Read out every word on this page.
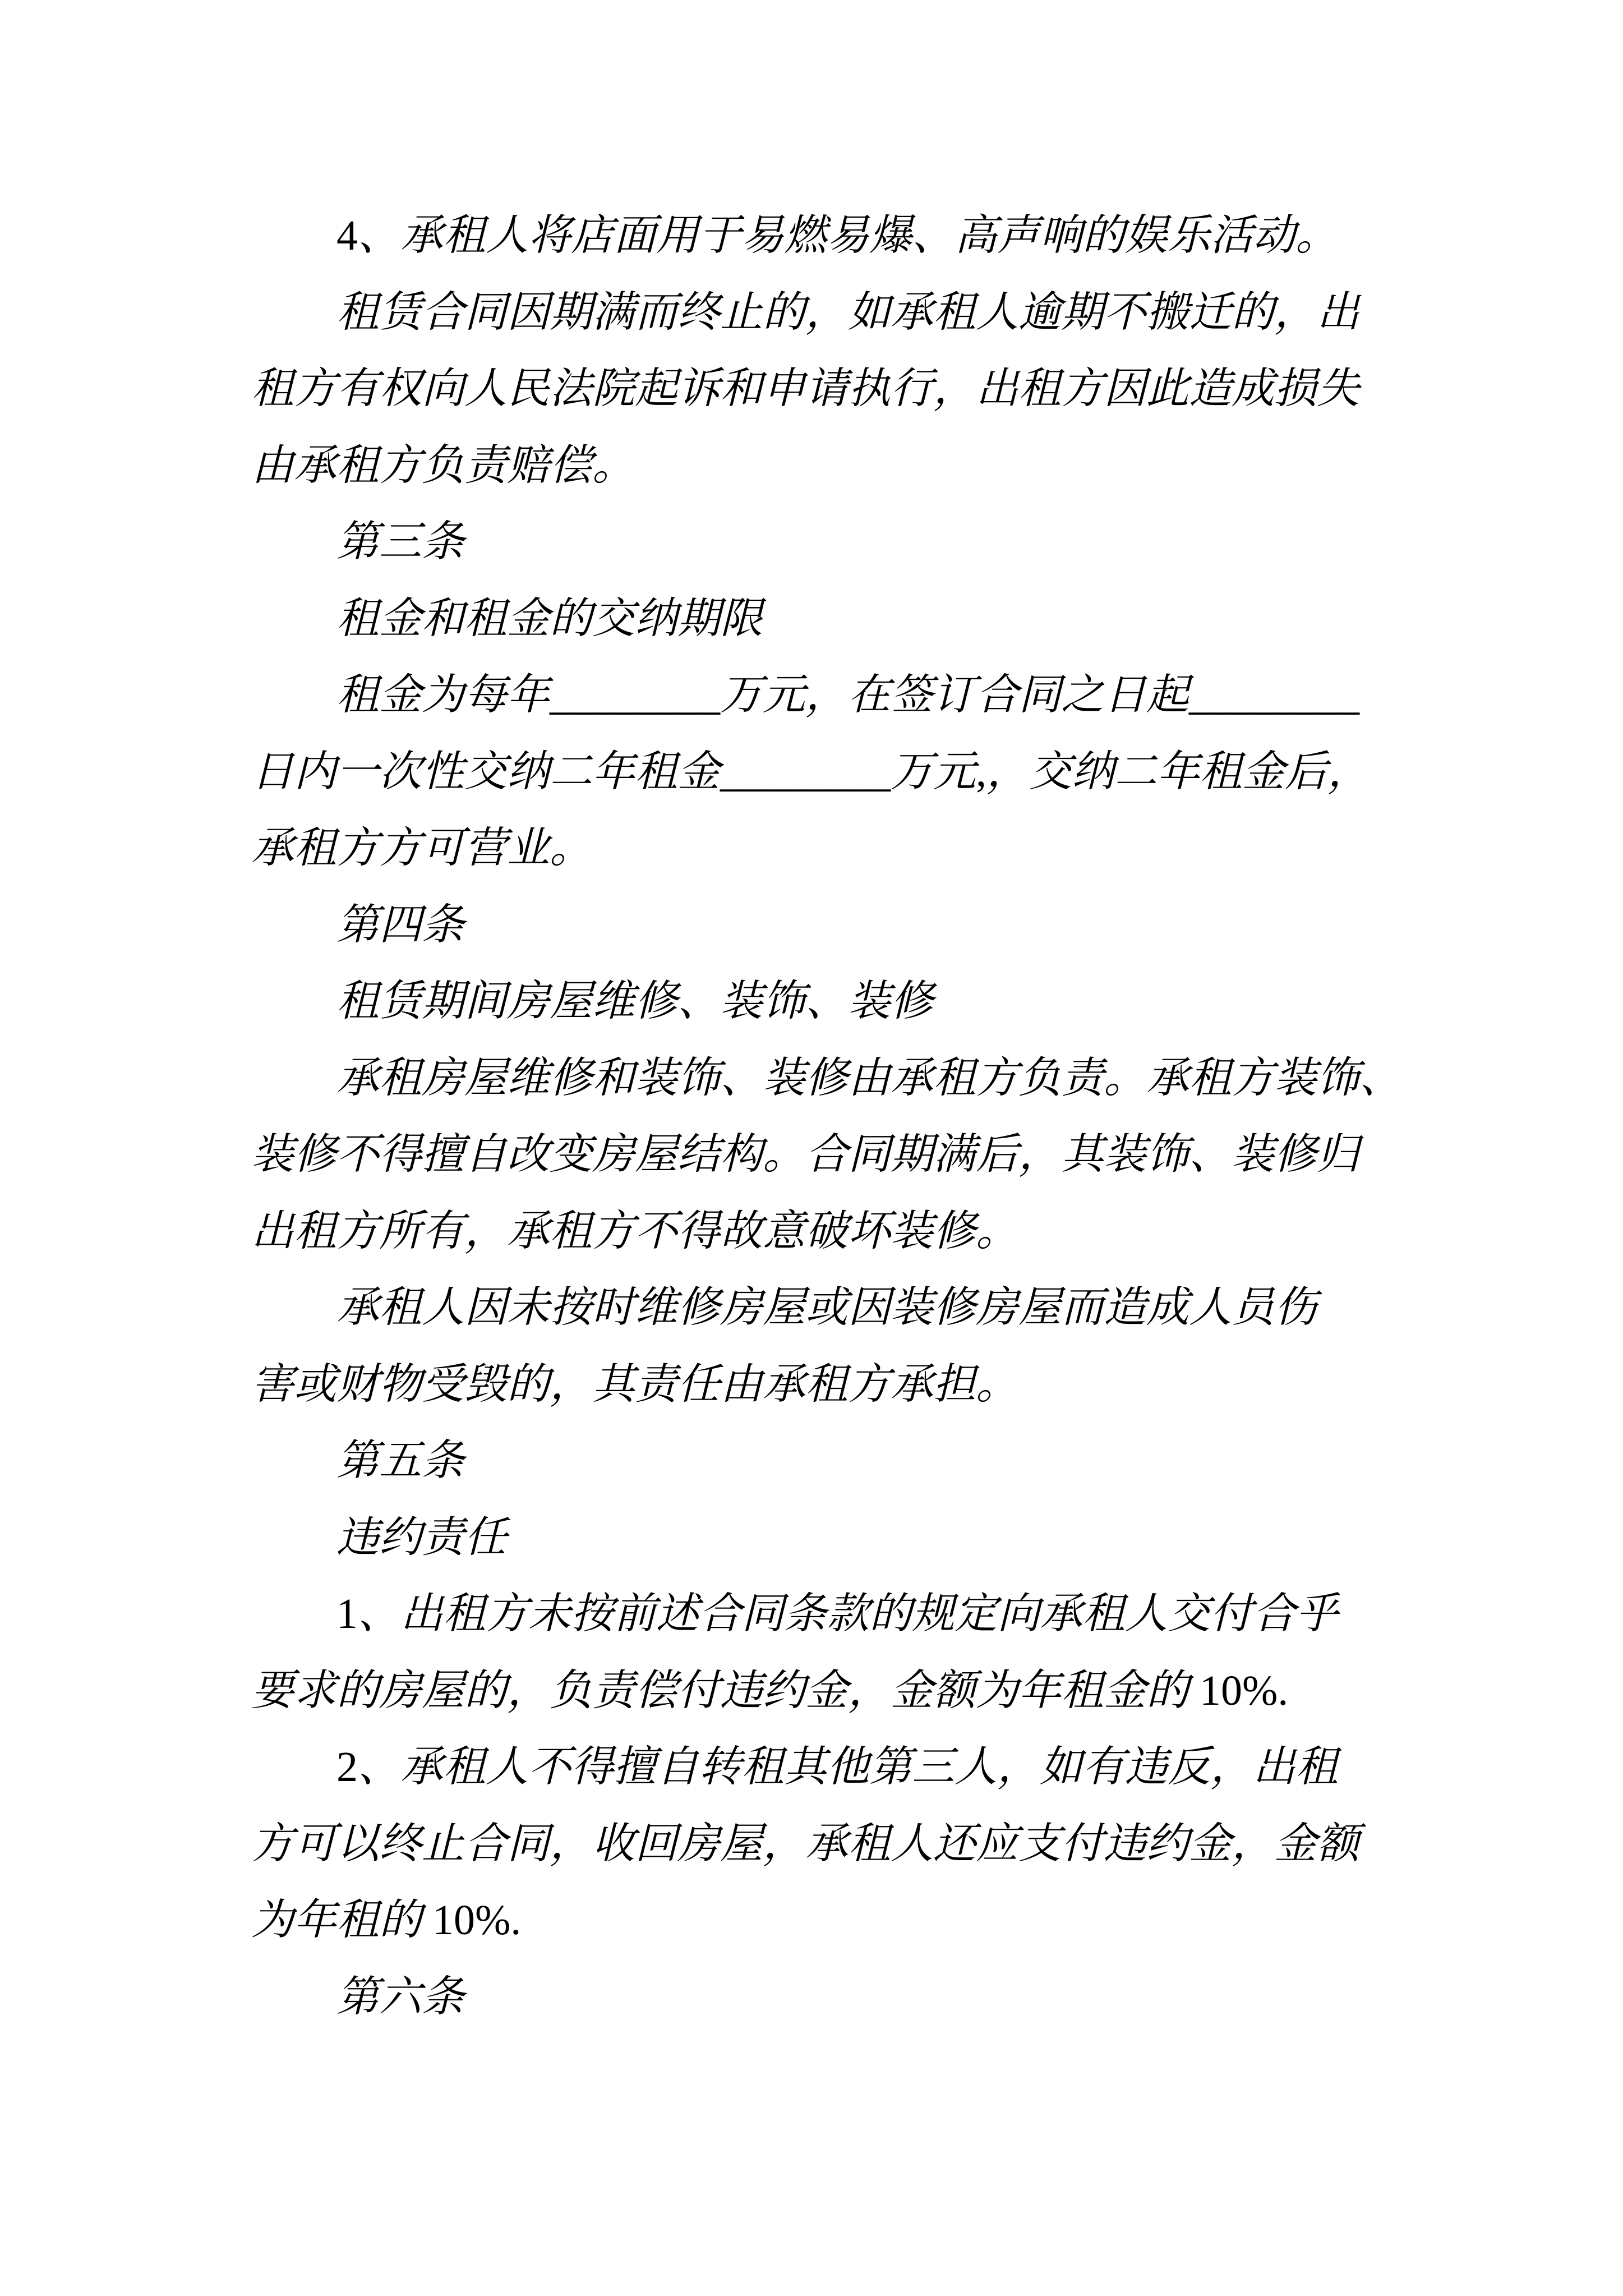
4、承租人将店面用于易燃易爆、高声响的娱乐活动。
租赁合同因期满而终止的，如承租人逾期不搬迁的，出
租方有权向人民法院起诉和申请执行，出租方因此造成损失
由承租方负责赔偿。
第三条
租金和租金的交纳期限
租金为每年________万元，在签订合同之日起________
日内一次性交纳二年租金________万元,，交纳二年租金后，
承租方方可营业。
第四条
租赁期间房屋维修、装饰、装修
承租房屋维修和装饰、装修由承租方负责。承租方装饰、
装修不得擅自改变房屋结构。合同期满后，其装饰、装修归
出租方所有，承租方不得故意破坏装修。
承租人因未按时维修房屋或因装修房屋而造成人员伤
害或财物受毁的，其责任由承租方承担。
第五条
违约责任
1、出租方未按前述合同条款的规定向承租人交付合乎
要求的房屋的，负责偿付违约金，金额为年租金的 10%.
2、承租人不得擅自转租其他第三人，如有违反，出租
方可以终止合同，收回房屋，承租人还应支付违约金，金额
为年租的 10%.
第六条
